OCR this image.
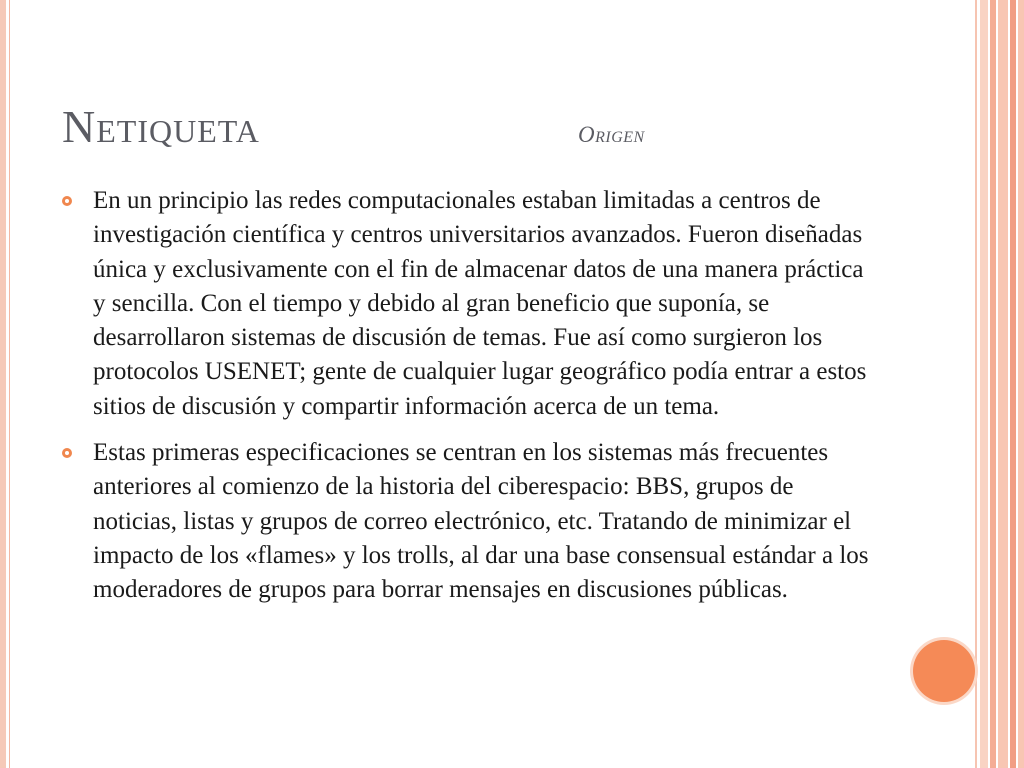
Netiqueta	Origen
En un principio las redes computacionales estaban limitadas a centros de investigación científica y centros universitarios avanzados. Fueron diseñadas única y exclusivamente con el fin de almacenar datos de una manera práctica y sencilla. Con el tiempo y debido al gran beneficio que suponía, se desarrollaron sistemas de discusión de temas. Fue así como surgieron los protocolos USENET; gente de cualquier lugar geográfico podía entrar a estos sitios de discusión y compartir información acerca de un tema.
Estas primeras especificaciones se centran en los sistemas más frecuentes anteriores al comienzo de la historia del ciberespacio: BBS, grupos de noticias, listas y grupos de correo electrónico, etc. Tratando de minimizar el impacto de los «flames» y los trolls, al dar una base consensual estándar a los moderadores de grupos para borrar mensajes en discusiones públicas.
